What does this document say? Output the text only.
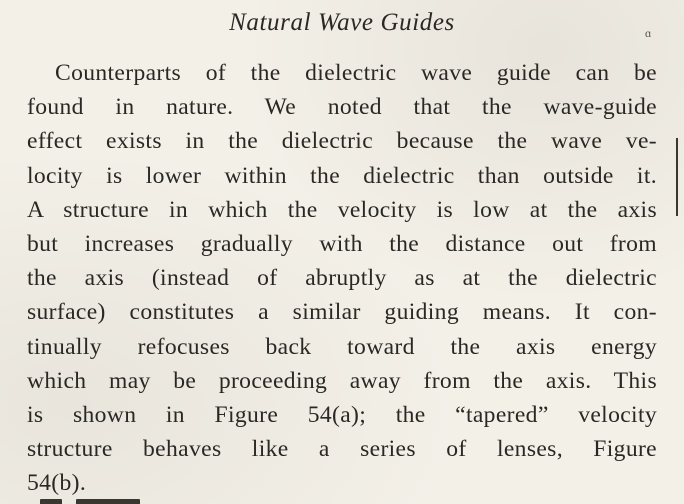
Natural Wave Guides	ɑ

Counterparts of the dielectric wave guide can be
found in nature. We noted that the wave-guide
effect exists in the dielectric because the wave ve-
locity is lower within the dielectric than outside it.
A structure in which the velocity is low at the axis
but increases gradually with the distance out from
the axis (instead of abruptly as at the dielectric
surface) constitutes a similar guiding means. It con-
tinually refocuses back toward the axis energy
which may be proceeding away from the axis. This
is shown in Figure 54(a); the “tapered” velocity
structure behaves like a series of lenses, Figure
54(b).
